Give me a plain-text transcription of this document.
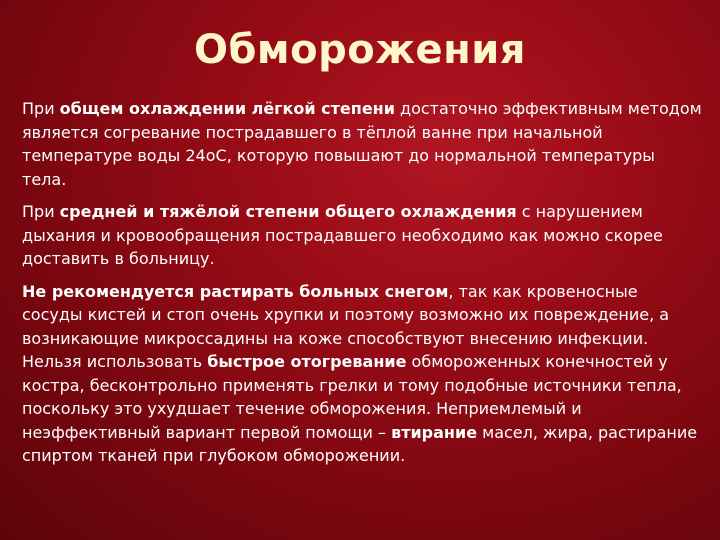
Обморожения

При общем охлаждении лёгкой степени достаточно эффективным методом является согревание пострадавшего в тёплой ванне при начальной температуре воды 24оС, которую повышают до нормальной температуры тела.

При средней и тяжёлой степени общего охлаждения с нарушением дыхания и кровообращения пострадавшего необходимо как можно скорее доставить в больницу.

Не рекомендуется растирать больных снегом, так как кровеносные сосуды кистей и стоп очень хрупки и поэтому возможно их повреждение, а возникающие микроссадины на коже способствуют внесению инфекции. Нельзя использовать быстрое отогревание обмороженных конечностей у костра, бесконтрольно применять грелки и тому подобные источники тепла, поскольку это ухудшает течение обморожения. Неприемлемый и неэффективный вариант первой помощи – втирание масел, жира, растирание спиртом тканей при глубоком обморожении.
